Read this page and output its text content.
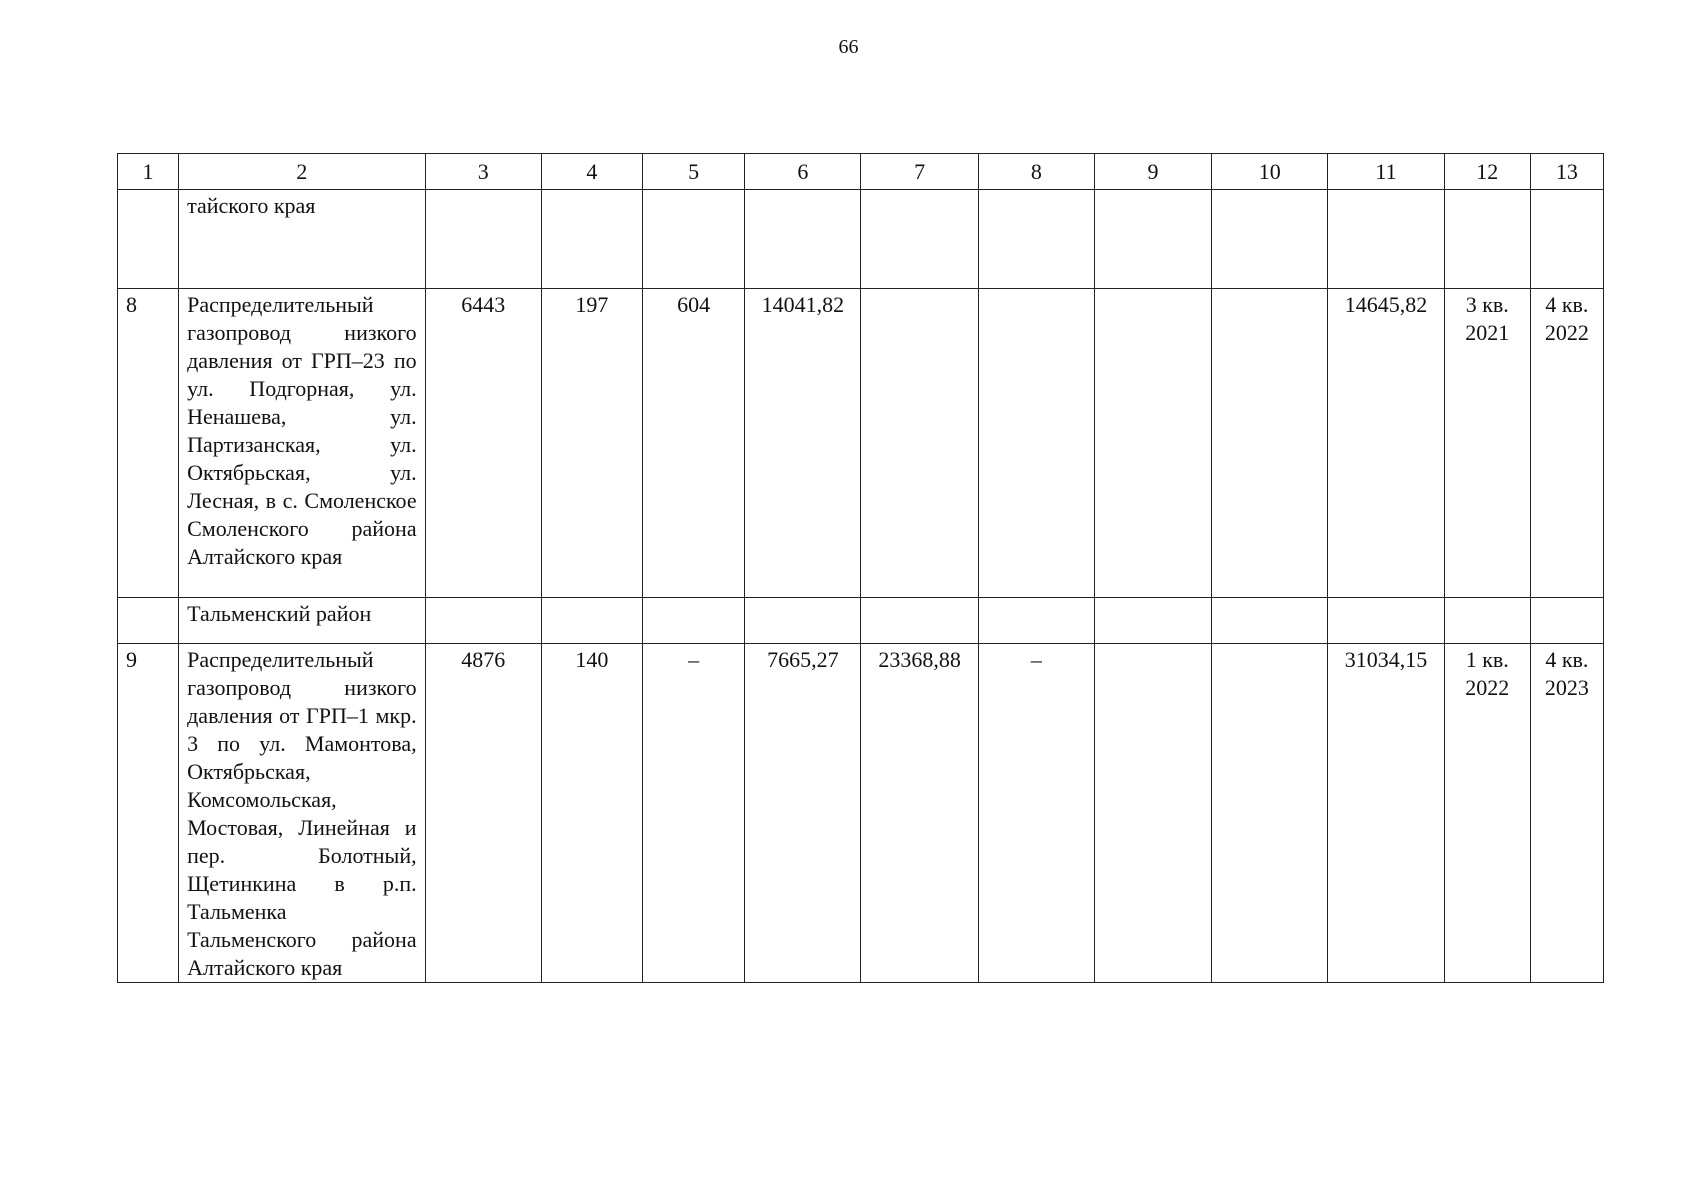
66
1	2	3	4	5	6	7	8	9	10	11	12	13
	тайского края											
8	Распределительный газопровод низкого давления от ГРП–23 по ул. Подгорная, ул. Ненашева, ул. Партизанская, ул. Октябрьская, ул. Лесная, в с. Смоленское Смоленского района Алтайского края	6443	197	604	14041,82					14645,82	3 кв. 2021	4 кв. 2022
	Тальменский район											
9	Распределительный газопровод низкого давления от ГРП–1 мкр. 3 по ул. Мамонтова, Октябрьская, Комсомольская, Мостовая, Линейная и пер. Болотный, Щетинкина в р.п. Тальменка Тальменского района Алтайского края	4876	140	–	7665,27	23368,88	–			31034,15	1 кв. 2022	4 кв. 2023
